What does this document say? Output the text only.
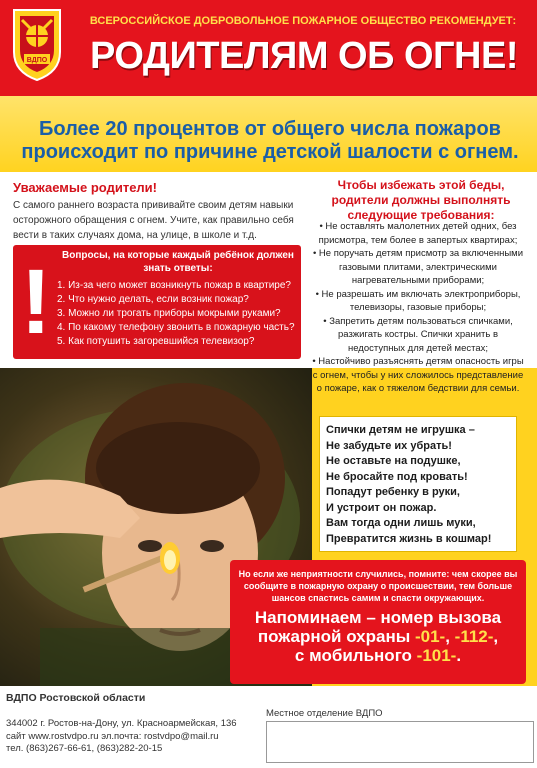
ВДПО
ВСЕРОССИЙСКОЕ ДОБРОВОЛЬНОЕ ПОЖАРНОЕ ОБЩЕСТВО РЕКОМЕНДУЕТ:
РОДИТЕЛЯМ ОБ ОГНЕ!
Более 20 процентов от общего числа пожаров происходит по причине детской шалости с огнем.
Уважаемые родители!
С самого раннего возраста прививайте своим детям навыки осторожного обращения с огнем. Учите, как правильно себя вести в таких случаях дома, на улице, в школе и т.д.
!	Вопросы, на которые каждый ребёнок должен знать ответы:
1. Из-за чего может возникнуть пожар в квартире?
2. Что нужно делать, если возник пожар?
3. Можно ли трогать приборы мокрыми руками?
4. По какому телефону звонить в пожарную часть?
5. Как потушить загоревшийся телевизор?
Чтобы избежать этой беды, родители должны выполнять следующие требования:
• Не оставлять малолетних детей одних, без присмотра, тем более в запертых квартирах;
• Не поручать детям присмотр за включенными газовыми плитами, электрическими нагревательными приборами;
• Не разрешать им включать электроприборы, телевизоры, газовые приборы;
• Запретить детям пользоваться спичками, разжигать костры. Спички хранить в недоступных для детей местах;
• Настойчиво разъяснять детям опасность игры с огнем, чтобы у них сложилось представление о пожаре, как о тяжелом бедствии для семьи.
Спички детям не игрушка –
Не забудьте их убрать!
Не оставьте на подушке,
Не бросайте под кровать!
Попадут ребенку в руки,
И устроит он пожар.
Вам тогда одни лишь муки,
Превратится жизнь в кошмар!
Но если же неприятности случились, помните: чем скорее вы сообщите в пожарную охрану о происшествии, тем больше шансов спастись самим и спасти окружающих.
Напоминаем – номер вызова
пожарной охраны -01-, -112-,
с мобильного -101-.
ВДПО Ростовской области
344002 г. Ростов-на-Дону, ул. Красноармейская, 136
сайт www.rostvdpo.ru эл.почта: rostvdpo@mail.ru
тел. (863)267-66-61, (863)282-20-15
Местное отделение ВДПО
